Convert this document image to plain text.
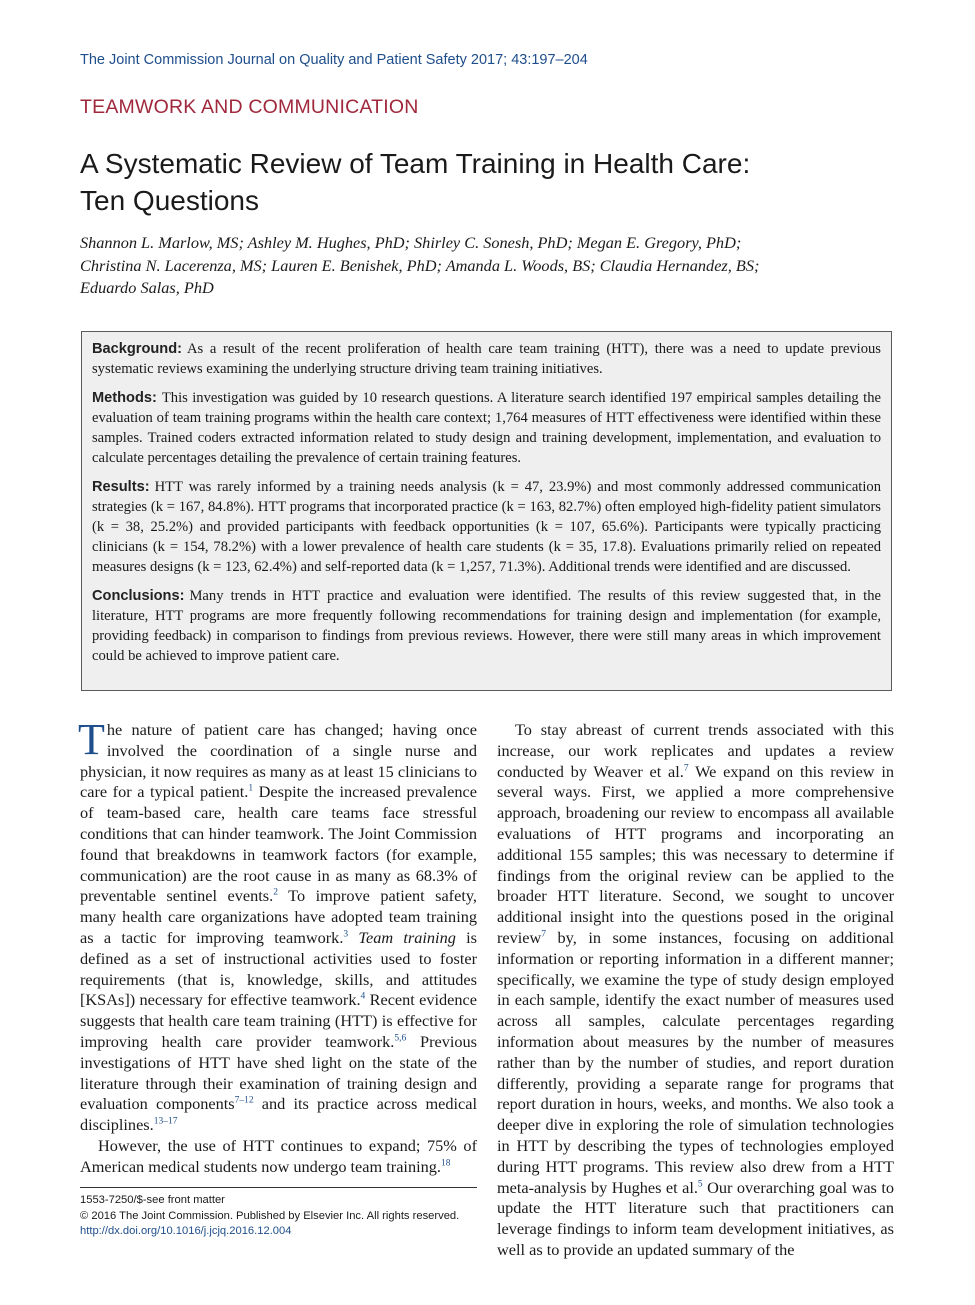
The Joint Commission Journal on Quality and Patient Safety 2017; 43:197–204
TEAMWORK AND COMMUNICATION
A Systematic Review of Team Training in Health Care:
Ten Questions
Shannon L. Marlow, MS; Ashley M. Hughes, PhD; Shirley C. Sonesh, PhD; Megan E. Gregory, PhD;
Christina N. Lacerenza, MS; Lauren E. Benishek, PhD; Amanda L. Woods, BS; Claudia Hernandez, BS;
Eduardo Salas, PhD

Background: As a result of the recent proliferation of health care team training (HTT), there was a need to update previous systematic reviews examining the underlying structure driving team training initiatives.

Methods: This investigation was guided by 10 research questions. A literature search identified 197 empirical samples detailing the evaluation of team training programs within the health care context; 1,764 measures of HTT effectiveness were identified within these samples. Trained coders extracted information related to study design and training development, implementation, and evaluation to calculate percentages detailing the prevalence of certain training features.

Results: HTT was rarely informed by a training needs analysis (k = 47, 23.9%) and most commonly addressed communication strategies (k = 167, 84.8%). HTT programs that incorporated practice (k = 163, 82.7%) often employed high-fidelity patient simulators (k = 38, 25.2%) and provided participants with feedback opportunities (k = 107, 65.6%). Participants were typically practicing clinicians (k = 154, 78.2%) with a lower prevalence of health care students (k = 35, 17.8). Evaluations primarily relied on repeated measures designs (k = 123, 62.4%) and self-reported data (k = 1,257, 71.3%). Additional trends were identified and are discussed.

Conclusions: Many trends in HTT practice and evaluation were identified. The results of this review suggested that, in the literature, HTT programs are more frequently following recommendations for training design and implementation (for example, providing feedback) in comparison to findings from previous reviews. However, there were still many areas in which improvement could be achieved to improve patient care.

The nature of patient care has changed; having once involved the coordination of a single nurse and physician, it now requires as many as at least 15 clinicians to care for a typical patient.$^1$ Despite the increased prevalence of team-based care, health care teams face stressful conditions that can hinder teamwork. The Joint Commission found that breakdowns in teamwork factors (for example, communication) are the root cause in as many as 68.3% of preventable sentinel events.$^2$ To improve patient safety, many health care organizations have adopted team training as a tactic for improving teamwork.$^3$ Team training is defined as a set of instructional activities used to foster requirements (that is, knowledge, skills, and attitudes [KSAs]) necessary for effective teamwork.$^4$ Recent evidence suggests that health care team training (HTT) is effective for improving health care provider teamwork.$^{5,6}$ Previous investigations of HTT have shed light on the state of the literature through their examination of training design and evaluation components$^{7-12}$ and its practice across medical disciplines.$^{13-17}$

However, the use of HTT continues to expand; 75% of American medical students now undergo team training.$^{18}$

To stay abreast of current trends associated with this increase, our work replicates and updates a review conducted by Weaver et al.$^7$ We expand on this review in several ways. First, we applied a more comprehensive approach, broadening our review to encompass all available evaluations of HTT programs and incorporating an additional 155 samples; this was necessary to determine if findings from the original review can be applied to the broader HTT literature. Second, we sought to uncover additional insight into the questions posed in the original review$^7$ by, in some instances, focusing on additional information or reporting information in a different manner; specifically, we examine the type of study design employed in each sample, identify the exact number of measures used across all samples, calculate percentages regarding information about measures by the number of measures rather than by the number of studies, and report duration differently, providing a separate range for programs that report duration in hours, weeks, and months. We also took a deeper dive in exploring the role of simulation technologies in HTT by describing the types of technologies employed during HTT programs. This review also drew from a HTT meta-analysis by Hughes et al.$^5$ Our overarching goal was to update the HTT literature such that practitioners can leverage findings to inform team development initiatives, as well as to provide an updated summary of the

1553-7250/$-see front matter
© 2016 The Joint Commission. Published by Elsevier Inc. All rights reserved.
http://dx.doi.org/10.1016/j.jcjq.2016.12.004
